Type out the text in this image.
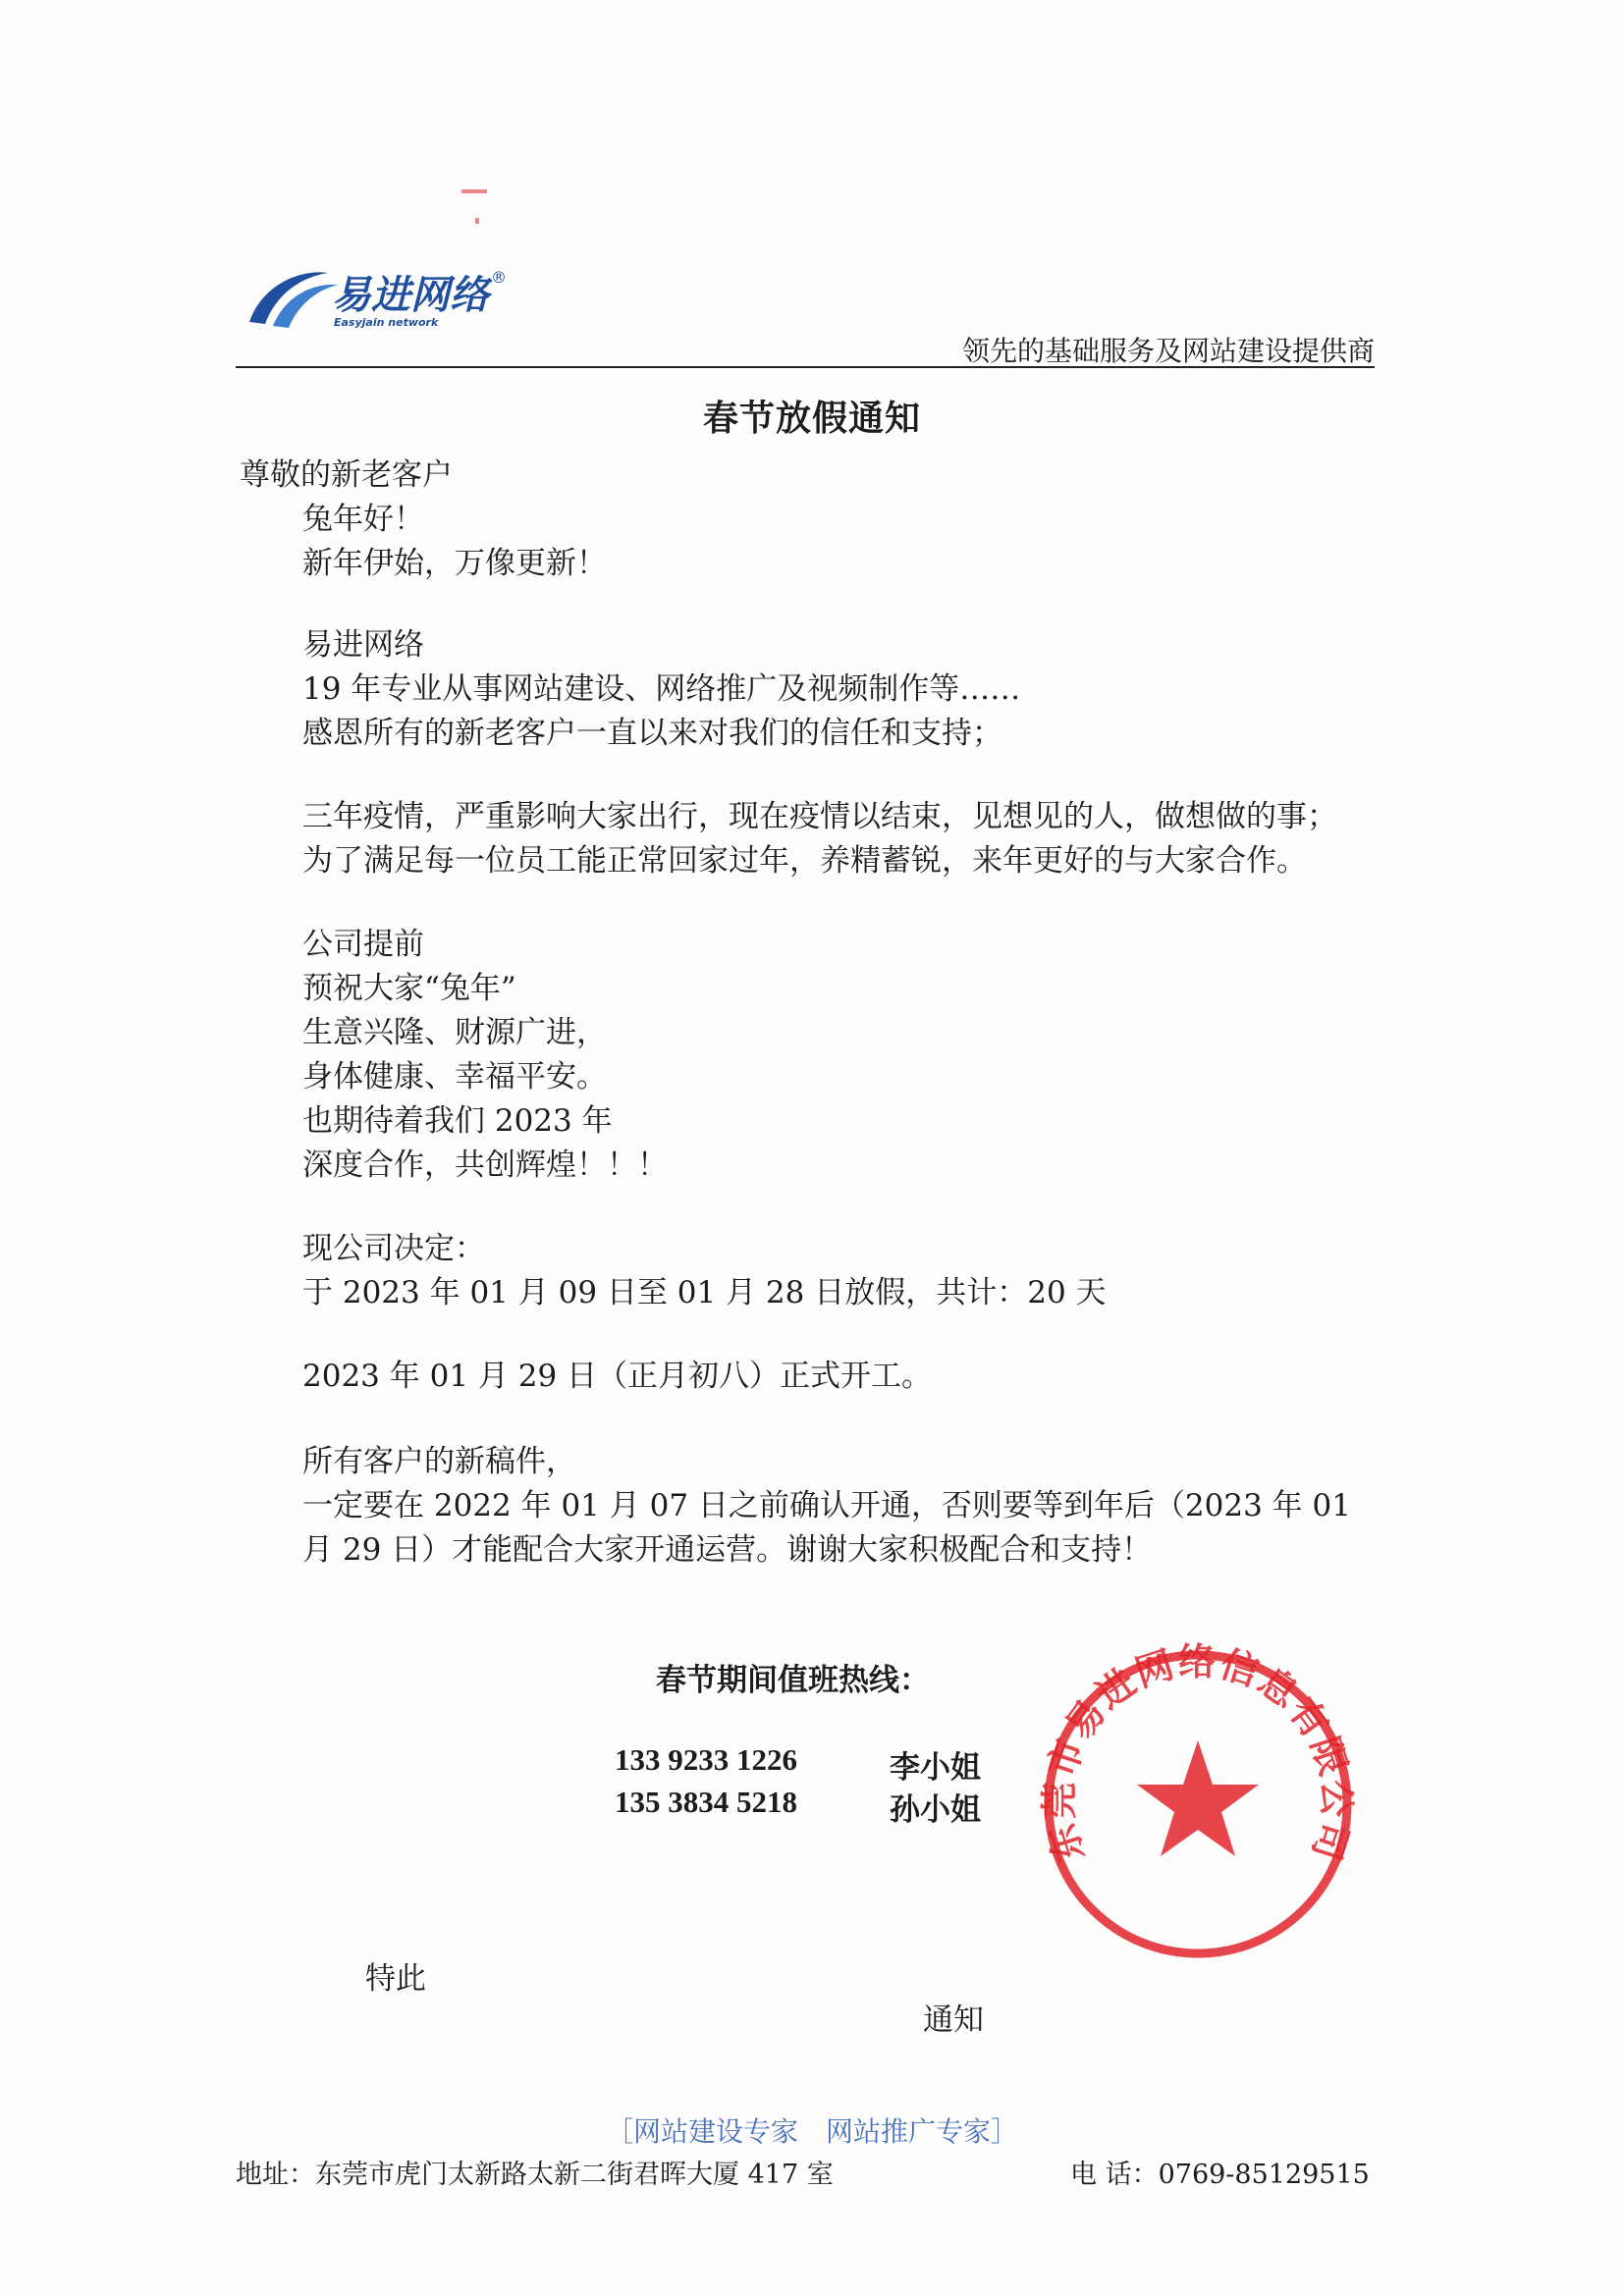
易进网络 ®
Easyjain network
领先的基础服务及网站建设提供商
春节放假通知
尊敬的新老客户
兔年好！
新年伊始，万像更新！
易进网络
19 年专业从事网站建设、网络推广及视频制作等……
感恩所有的新老客户一直以来对我们的信任和支持；
三年疫情，严重影响大家出行，现在疫情以结束，见想见的人，做想做的事；
为了满足每一位员工能正常回家过年，养精蓄锐，来年更好的与大家合作。
公司提前
预祝大家“兔年”
生意兴隆、财源广进，
身体健康、幸福平安。
也期待着我们 2023 年
深度合作，共创辉煌！！！
现公司决定：
于 2023 年 01 月 09 日至 01 月 28 日放假，共计：20 天
2023 年 01 月 29 日（正月初八）正式开工。
所有客户的新稿件，
一定要在 2022 年 01 月 07 日之前确认开通，否则要等到年后（2023 年 01
月 29 日）才能配合大家开通运营。谢谢大家积极配合和支持！
春节期间值班热线：
133 9233 1226	李小姐
135 3834 5218	孙小姐
东莞市易进网络信息有限公司
特此
通知
［网站建设专家　网站推广专家］
地址：东莞市虎门太新路太新二街君晖大厦 417 室	电 话：0769-85129515
